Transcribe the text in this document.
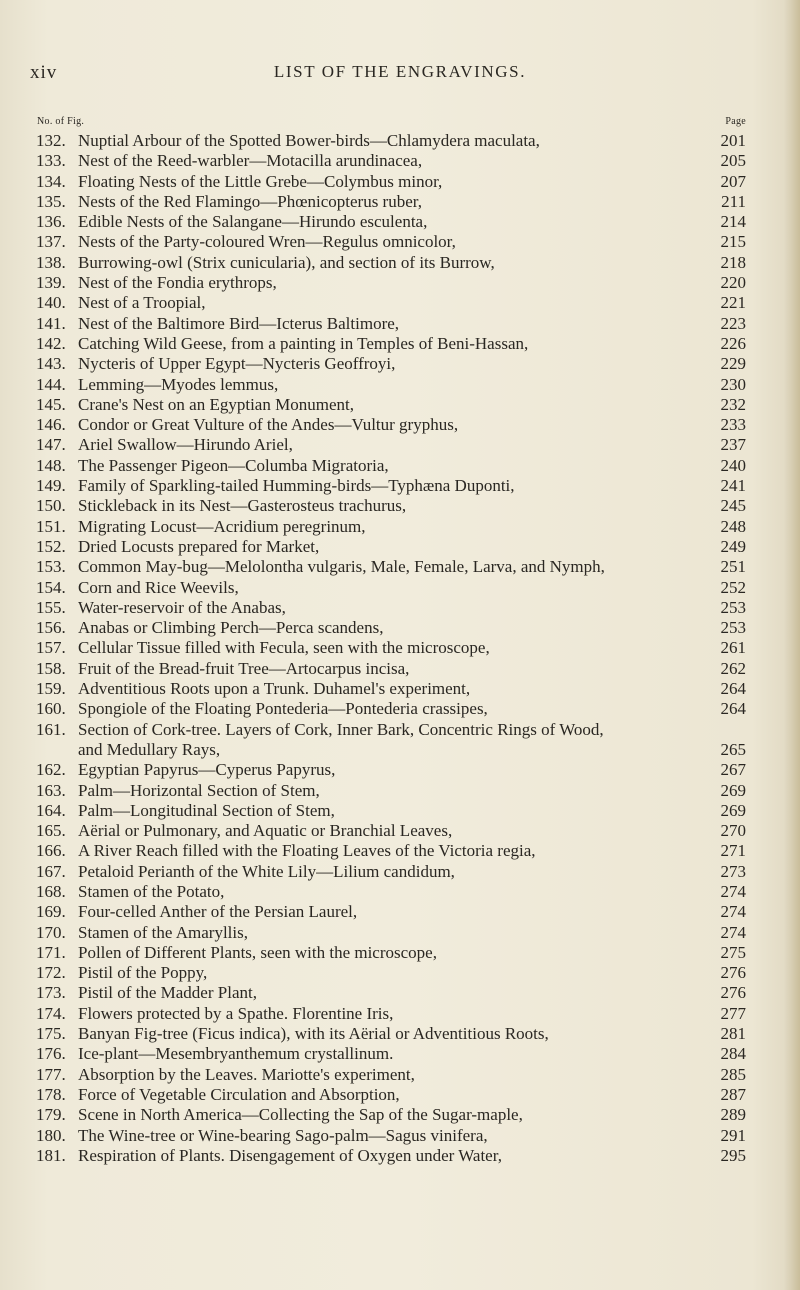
xiv	LIST OF THE ENGRAVINGS.
No. of Fig.	Page
132. Nuptial Arbour of the Spotted Bower-birds—Chlamydera maculata,	201
133. Nest of the Reed-warbler—Motacilla arundinacea,	205
134. Floating Nests of the Little Grebe—Colymbus minor,	207
135. Nests of the Red Flamingo—Phœnicopterus ruber,	211
136. Edible Nests of the Salangane—Hirundo esculenta,	214
137. Nests of the Party-coloured Wren—Regulus omnicolor,	215
138. Burrowing-owl (Strix cunicularia), and section of its Burrow,	218
139. Nest of the Fondia erythrops,	220
140. Nest of a Troopial,	221
141. Nest of the Baltimore Bird—Icterus Baltimore,	223
142. Catching Wild Geese, from a painting in Temples of Beni-Hassan,	226
143. Nycteris of Upper Egypt—Nycteris Geoffroyi,	229
144. Lemming—Myodes lemmus,	230
145. Crane's Nest on an Egyptian Monument,	232
146. Condor or Great Vulture of the Andes—Vultur gryphus,	233
147. Ariel Swallow—Hirundo Ariel,	237
148. The Passenger Pigeon—Columba Migratoria,	240
149. Family of Sparkling-tailed Humming-birds—Typhæna Duponti,	241
150. Stickleback in its Nest—Gasterosteus trachurus,	245
151. Migrating Locust—Acridium peregrinum,	248
152. Dried Locusts prepared for Market,	249
153. Common May-bug—Melolontha vulgaris, Male, Female, Larva, and Nymph,	251
154. Corn and Rice Weevils,	252
155. Water-reservoir of the Anabas,	253
156. Anabas or Climbing Perch—Perca scandens,	253
157. Cellular Tissue filled with Fecula, seen with the microscope,	261
158. Fruit of the Bread-fruit Tree—Artocarpus incisa,	262
159. Adventitious Roots upon a Trunk. Duhamel's experiment,	264
160. Spongiole of the Floating Pontederia—Pontederia crassipes,	264
161. Section of Cork-tree. Layers of Cork, Inner Bark, Concentric Rings of Wood,
and Medullary Rays,	265
162. Egyptian Papyrus—Cyperus Papyrus,	267
163. Palm—Horizontal Section of Stem,	269
164. Palm—Longitudinal Section of Stem,	269
165. Aërial or Pulmonary, and Aquatic or Branchial Leaves,	270
166. A River Reach filled with the Floating Leaves of the Victoria regia,	271
167. Petaloid Perianth of the White Lily—Lilium candidum,	273
168. Stamen of the Potato,	274
169. Four-celled Anther of the Persian Laurel,	274
170. Stamen of the Amaryllis,	274
171. Pollen of Different Plants, seen with the microscope,	275
172. Pistil of the Poppy,	276
173. Pistil of the Madder Plant,	276
174. Flowers protected by a Spathe. Florentine Iris,	277
175. Banyan Fig-tree (Ficus indica), with its Aërial or Adventitious Roots,	281
176. Ice-plant—Mesembryanthemum crystallinum.	284
177. Absorption by the Leaves. Mariotte's experiment,	285
178. Force of Vegetable Circulation and Absorption,	287
179. Scene in North America—Collecting the Sap of the Sugar-maple,	289
180. The Wine-tree or Wine-bearing Sago-palm—Sagus vinifera,	291
181. Respiration of Plants. Disengagement of Oxygen under Water,	295
